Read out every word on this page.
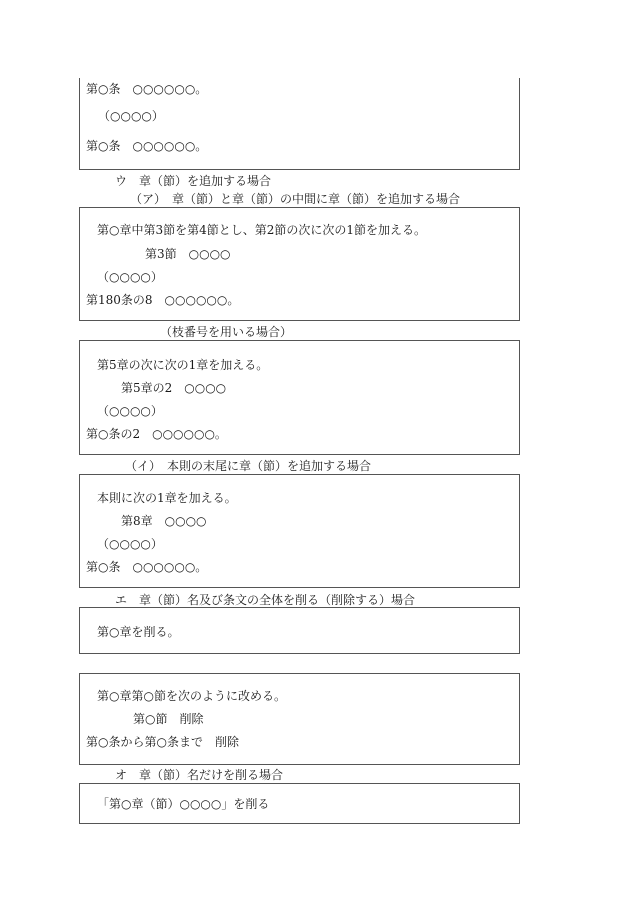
第○条　○○○○○○。
（○○○○）
第○条　○○○○○○。
ウ　章（節）を追加する場合
（ア）　章（節）と章（節）の中間に章（節）を追加する場合
第○章中第3節を第4節とし、第2節の次に次の1節を加える。
第3節　○○○○
（○○○○）
第180条の8　○○○○○○。
（枝番号を用いる場合）
第5章の次に次の1章を加える。
第5章の2　○○○○
（○○○○）
第○条の2　○○○○○○。
（イ）　本則の末尾に章（節）を追加する場合
本則に次の1章を加える。
第8章　○○○○
（○○○○）
第○条　○○○○○○。
エ　章（節）名及び条文の全体を削る（削除する）場合
第○章を削る。
第○章第○節を次のように改める。
第○節　削除
第○条から第○条まで　削除
オ　章（節）名だけを削る場合
「第○章（節）○○○○」を削る
